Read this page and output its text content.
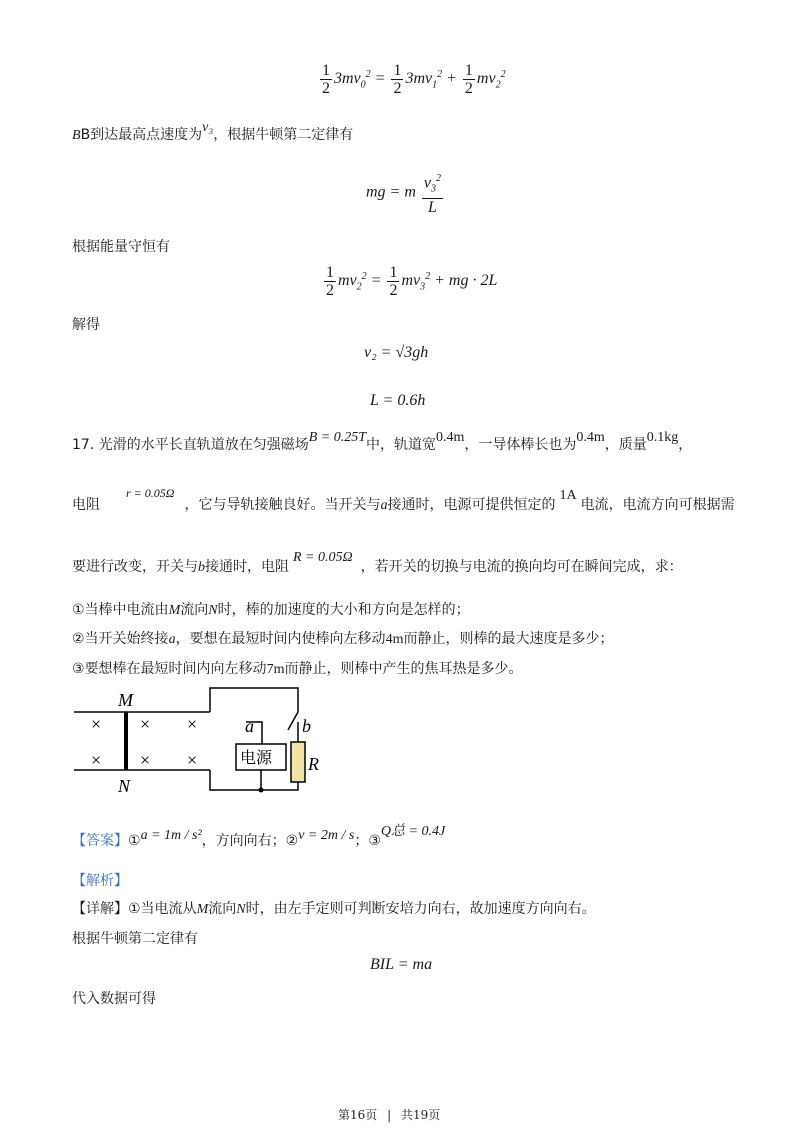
$\frac{1}{2} 3mv_0^2 = \frac{1}{2} 3mv_1^2 + \frac{1}{2} mv_2^2$
BB到达最高点速度为v₃，根据牛顿第二定律有
mg = m $\frac{v_3^2}{L}$
根据能量守恒有
$\frac{1}{2} mv_2^2 = \frac{1}{2} mv_3^2$ + mg · 2L
解得
v₂ = √3gh
L = 0.6h
17. 光滑的水平长直轨道放在匀强磁场B = 0.25T中，轨道宽0.4m，一导体棒长也为0.4m，质量0.1kg，
电阻r = 0.05Ω，它与导轨接触良好。当开关与a接通时，电源可提供恒定的1A电流，电流方向可根据需
要进行改变，开关与b接通时，电阻R = 0.05Ω，若开关的切换与电流的换向均可在瞬间完成，求：
①当棒中电流由M流向N时，棒的加速度的大小和方向是怎样的；
②当开关始终接a，要想在最短时间内使棒向左移动4m而静止，则棒的最大速度是多少；
③要想棒在最短时间内向左移动7m而静止，则棒中产生的焦耳热是多少。
× × ×
× × ×
M
N
电源
a	b
R
【答案】①a = 1m / s²，方向向右；②v = 2m / s；③Q总 = 0.4J
【解析】
【详解】①当电流从M流向N时，由左手定则可判断安培力向右，故加速度方向向右。
根据牛顿第二定律有
BIL = ma
代入数据可得
第16页 | 共19页
